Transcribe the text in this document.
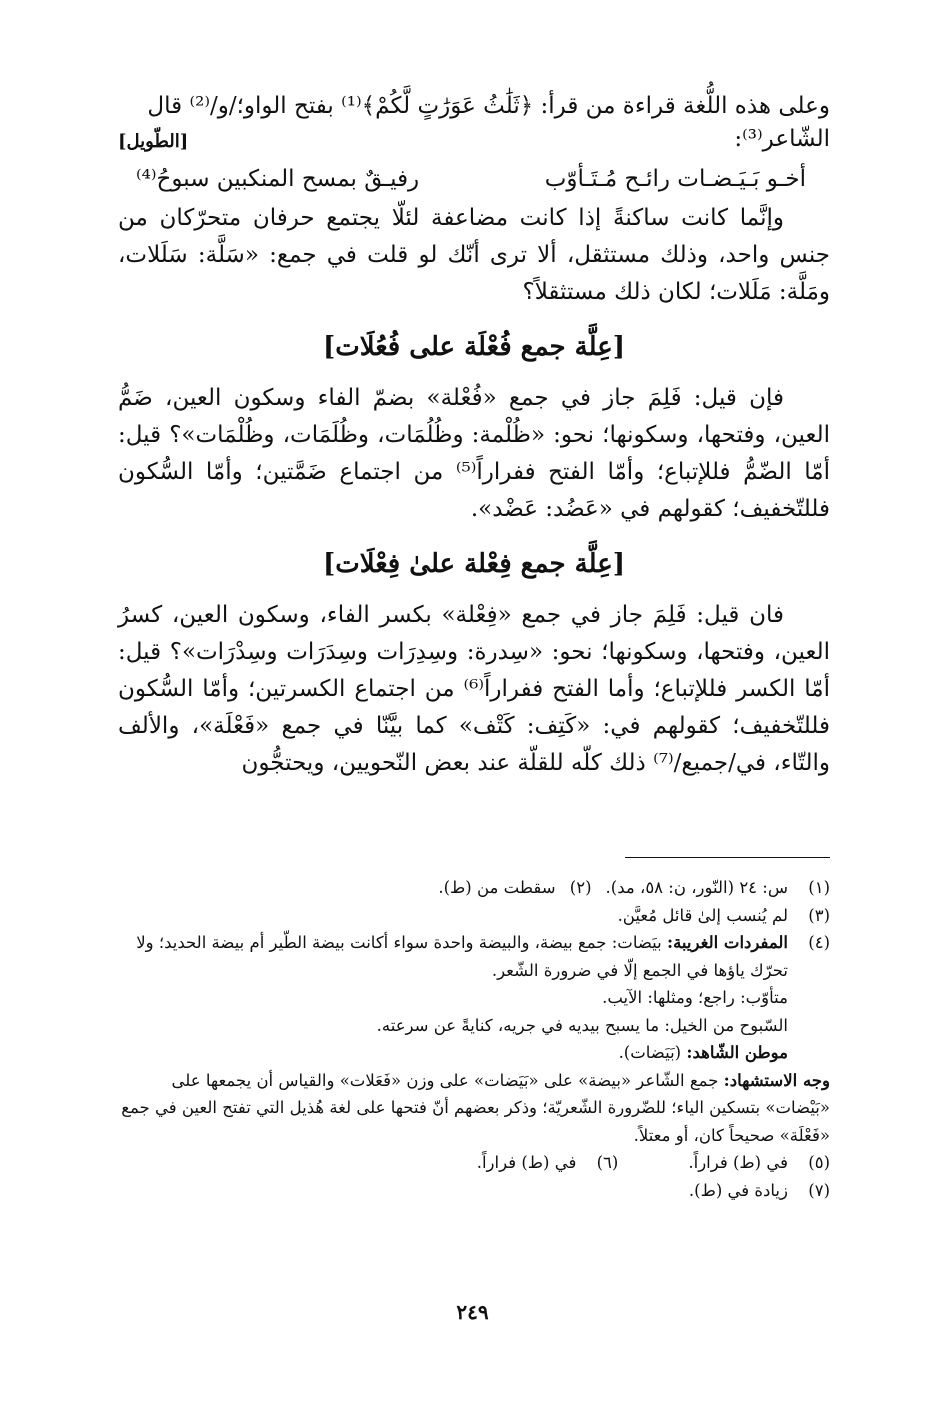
وعلى هذه اللُّغة قراءة من قرأ: ﴿ثَلَٰثُ عَوَرَٰتٍ لَّكُمْ﴾⁽¹⁾ بفتح الواو؛/و/⁽²⁾ قال

الشّاعر⁽³⁾:
[الطّويل]
أخـو بَـيَـضـات رائـح مُـتَـأوّب
رفيـقٌ بمسح المنكبين سبوحُ⁽⁴⁾

وإنَّما كانت ساكنةً إذا كانت مضاعفة لئلّا يجتمع حرفان متحرّكان من جنس واحد، وذلك مستثقل، ألا ترى أنّك لو قلت في جمع: «سَلَّة: سَلَلات، ومَلَّة: مَلَلات؛ لكان ذلك مستثقلاً؟

[عِلَّة جمع فُعْلَة على فُعُلَات]

فإن قيل: فَلِمَ جاز في جمع «فُعْلة» بضمّ الفاء وسكون العين، ضَمُّ العين، وفتحها، وسكونها؛ نحو: «ظُلْمة: وظُلُمَات، وظُلَمَات، وظُلْمَات»؟ قيل: أمّا الضّمُّ فللإتباع؛ وأمّا الفتح ففراراً⁽⁵⁾ من اجتماع ضَمَّتين؛ وأمّا السُّكون فللتّخفيف؛ كقولهم في «عَضُد: عَضْد».

[عِلَّة جمع فِعْلة علىٰ فِعْلَات]

فان قيل: فَلِمَ جاز في جمع «فِعْلة» بكسر الفاء، وسكون العين، كسرُ العين، وفتحها، وسكونها؛ نحو: «سِدرة: وسِدِرَات وسِدَرَات وسِدْرَات»؟ قيل: أمّا الكسر فللإتباع؛ وأما الفتح ففراراً⁽⁶⁾ من اجتماع الكسرتين؛ وأمّا السُّكون فللتّخفيف؛ كقولهم في: «كَتِف: كَتْف» كما بيَّنّا في جمع «فَعْلَة»، والألف والتّاء، في/جميع/⁽⁷⁾ ذلك كلّه للقلّة عند بعض النّحويين، ويحتجُّون

(١)
س: ٢٤ (النّور، ن: ٥٨، مد).
(٢)
سقطت من (ط).
(٣)
لم يُنسب إلىٰ قائل مُعيَّن.
(٤)
المفردات الغريبة: بيَضات: جمع بيضة، والبيضة واحدة سواء أكانت بيضة الطّير أم بيضة الحديد؛ ولا تحرّك ياؤها في الجمع إلّا في ضرورة الشّعر.
متأوّب: راجع؛ ومثلها: الآيب.
السّبوح من الخيل: ما يسبح بيديه في جريه، كنايةً عن سرعته.
موطن الشّاهد: (بَيَضات).
وجه الاستشهاد: جمع الشّاعر «بيضة» على «بَيَضات» على وزن «فَعَلات» والقياس أن يجمعها على «بَيْضات» بتسكين الياء؛ للضّرورة الشّعريّة؛ وذكر بعضهم أنّ فتحها على لغة هُذيل التي تفتح العين في جمع «فَعْلَة» صحيحاً كان، أو معتلاً.
(٥)
في (ط) فراراً.
(٦)
في (ط) فراراً.
(٧)
زيادة في (ط).
٢٤٩
